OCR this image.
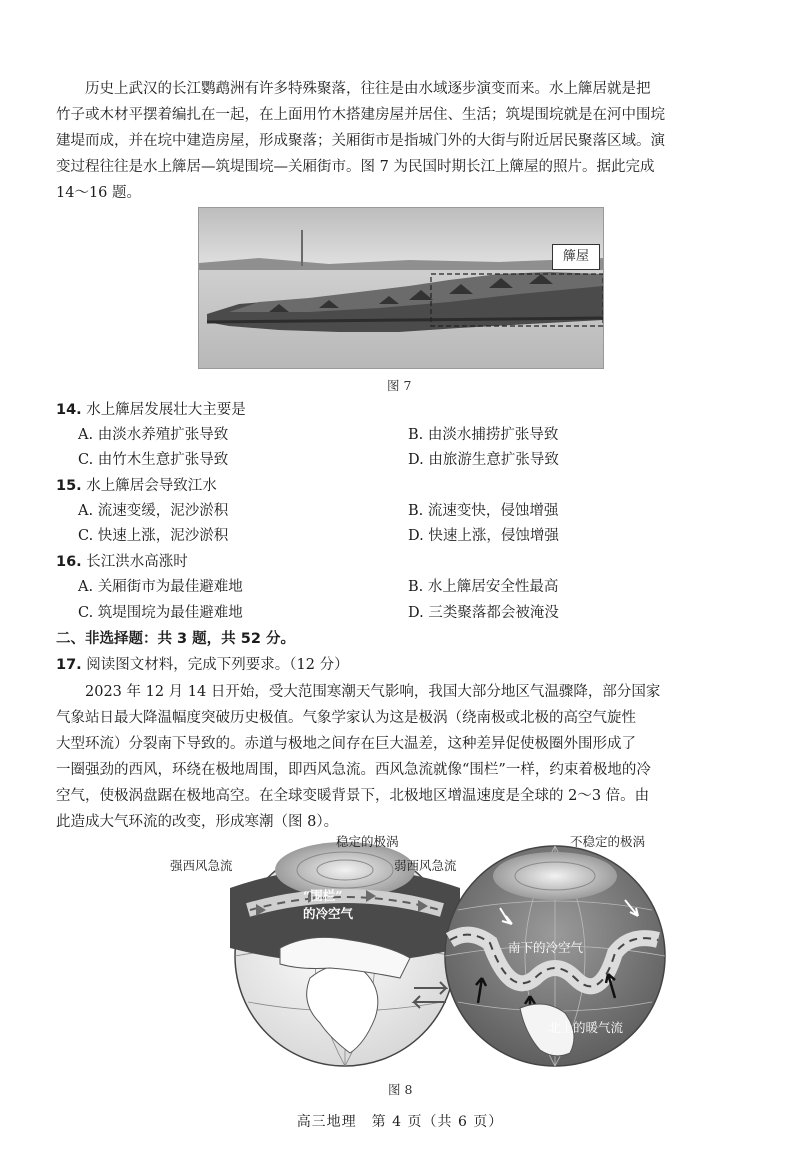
历史上武汉的长江鹦鹉洲有许多特殊聚落，往往是由水域逐步演变而来。水上簰居就是把
竹子或木材平摆着编扎在一起，在上面用竹木搭建房屋并居住、生活；筑堤围垸就是在河中围垸
建堤而成，并在垸中建造房屋，形成聚落；关厢街市是指城门外的大街与附近居民聚落区域。演
变过程往往是水上簰居—筑堤围垸—关厢街市。图 7 为民国时期长江上簰屋的照片。据此完成
14～16 题。
簰屋
图 7
14. 水上簰居发展壮大主要是
A. 由淡水养殖扩张导致	B. 由淡水捕捞扩张导致
C. 由竹木生意扩张导致	D. 由旅游生意扩张导致
15. 水上簰居会导致江水
A. 流速变缓，泥沙淤积	B. 流速变快，侵蚀增强
C. 快速上涨，泥沙淤积	D. 快速上涨，侵蚀增强
16. 长江洪水高涨时
A. 关厢街市为最佳避难地	B. 水上簰居安全性最高
C. 筑堤围垸为最佳避难地	D. 三类聚落都会被淹没
二、非选择题：共 3 题，共 52 分。
17. 阅读图文材料，完成下列要求。（12 分）
2023 年 12 月 14 日开始，受大范围寒潮天气影响，我国大部分地区气温骤降，部分国家
气象站日最大降温幅度突破历史极值。气象学家认为这是极涡（绕南极或北极的高空气旋性
大型环流）分裂南下导致的。赤道与极地之间存在巨大温差，这种差异促使极圈外围形成了
一圈强劲的西风，环绕在极地周围，即西风急流。西风急流就像“围栏”一样，约束着极地的冷
空气，使极涡盘踞在极地高空。在全球变暖背景下，北极地区增温速度是全球的 2～3 倍。由
此造成大气环流的改变，形成寒潮（图 8）。
稳定的极涡
强西风急流
“围栏”
的冷空气
不稳定的极涡
弱西风急流
南下的冷空气
北上的暖气流
图 8
高三地理　第 4 页（共 6 页）
